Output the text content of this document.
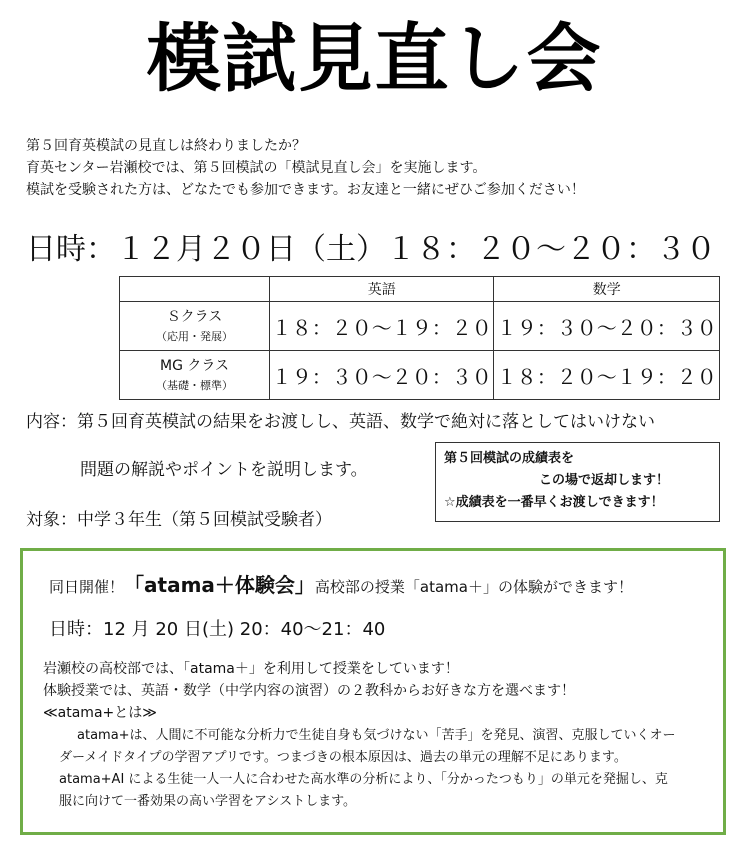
模試見直し会
第５回育英模試の見直しは終わりましたか？
育英センター岩瀬校では、第５回模試の「模試見直し会」を実施します。
模試を受験された方は、どなたでも参加できます。お友達と一緒にぜひご参加ください！
日時：１２月２０日（土）１８：２０～２０：３０
	英語	数学

Ｓクラス
（応用・発展）	１８：２０～１９：２０	１９：３０～２０：３０

MG クラス
（基礎・標準）	１９：３０～２０：３０	１８：２０～１９：２０
内容：第５回育英模試の結果をお渡しし、英語、数学で絶対に落としてはいけない
問題の解説やポイントを説明します。
対象：中学３年生（第５回模試受験者）
第５回模試の成績表を
この場で返却します！
☆成績表を一番早くお渡しできます！
同日開催！「atama＋体験会」高校部の授業「atama＋」の体験ができます！
日時：12 月 20 日(土) 20：40～21：40
岩瀬校の高校部では、「atama＋」を利用して授業をしています！
体験授業では、英語・数学（中学内容の演習）の２教科からお好きな方を選べます！
≪atama+とは≫
atama+は、人間に不可能な分析力で生徒自身も気づけない「苦手」を発見、演習、克服していくオー
ダーメイドタイプの学習アプリです。つまづきの根本原因は、過去の単元の理解不足にあります。
atama+AI による生徒一人一人に合わせた高水準の分析により、「分かったつもり」の単元を発掘し、克
服に向けて一番効果の高い学習をアシストします。
